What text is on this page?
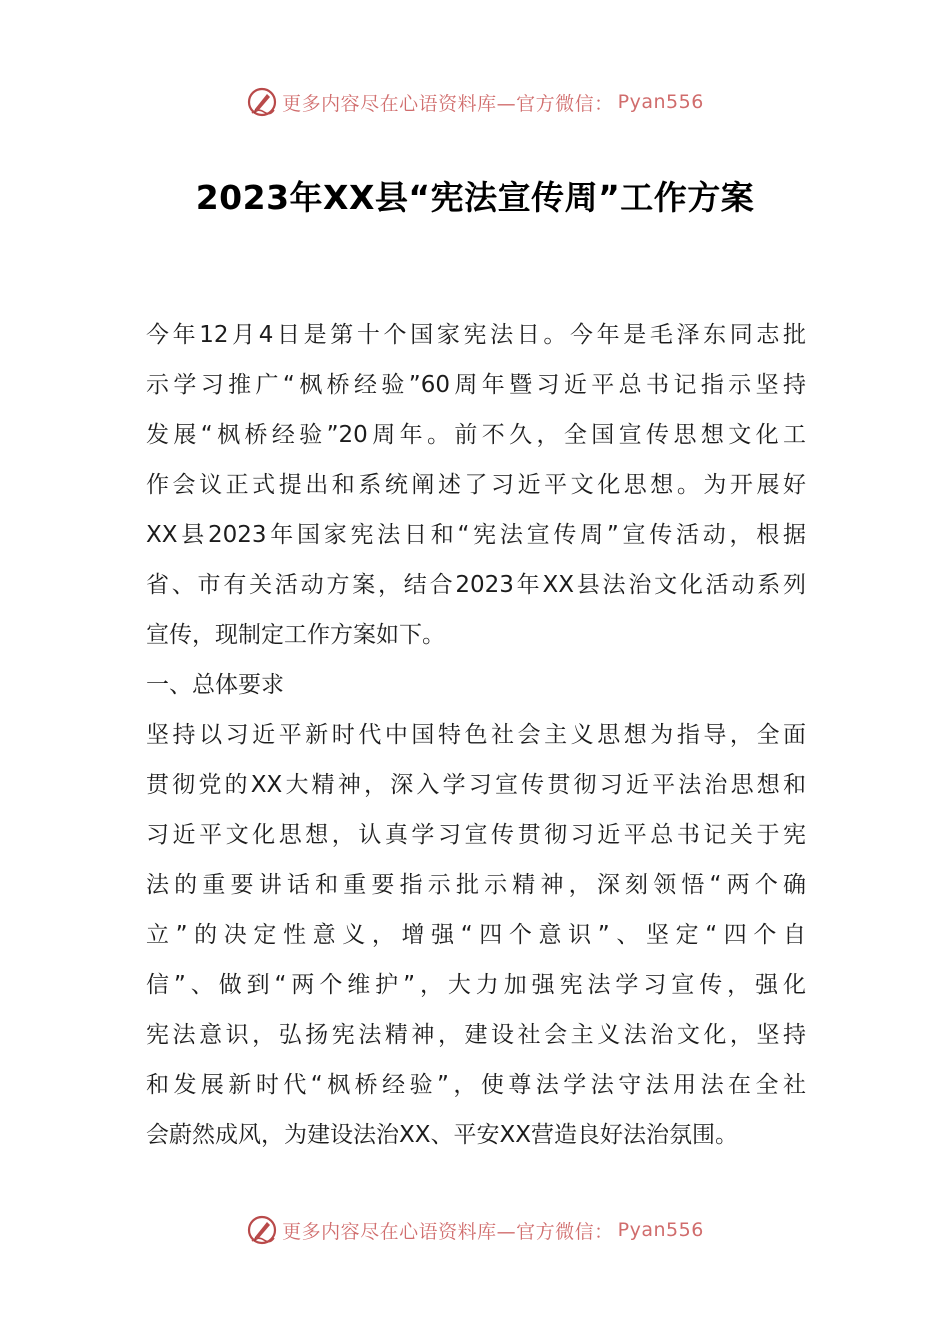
更多内容尽在心语资料库—官方微信： Pyan556
2023年XX县“宪法宣传周”工作方案
今年12月4日是第十个国家宪法日。今年是毛泽东同志批
示学习推广“枫桥经验”60周年暨习近平总书记指示坚持
发展“枫桥经验”20周年。前不久，全国宣传思想文化工
作会议正式提出和系统阐述了习近平文化思想。为开展好
XX县2023年国家宪法日和“宪法宣传周”宣传活动，根据
省、市有关活动方案，结合2023年XX县法治文化活动系列
宣传，现制定工作方案如下。
一、总体要求
坚持以习近平新时代中国特色社会主义思想为指导，全面
贯彻党的XX大精神，深入学习宣传贯彻习近平法治思想和
习近平文化思想，认真学习宣传贯彻习近平总书记关于宪
法的重要讲话和重要指示批示精神，深刻领悟“两个确
立”的决定性意义，增强“四个意识”、坚定“四个自
信”、做到“两个维护”，大力加强宪法学习宣传，强化
宪法意识，弘扬宪法精神，建设社会主义法治文化，坚持
和发展新时代“枫桥经验”，使尊法学法守法用法在全社
会蔚然成风，为建设法治XX、平安XX营造良好法治氛围。
更多内容尽在心语资料库—官方微信： Pyan556
